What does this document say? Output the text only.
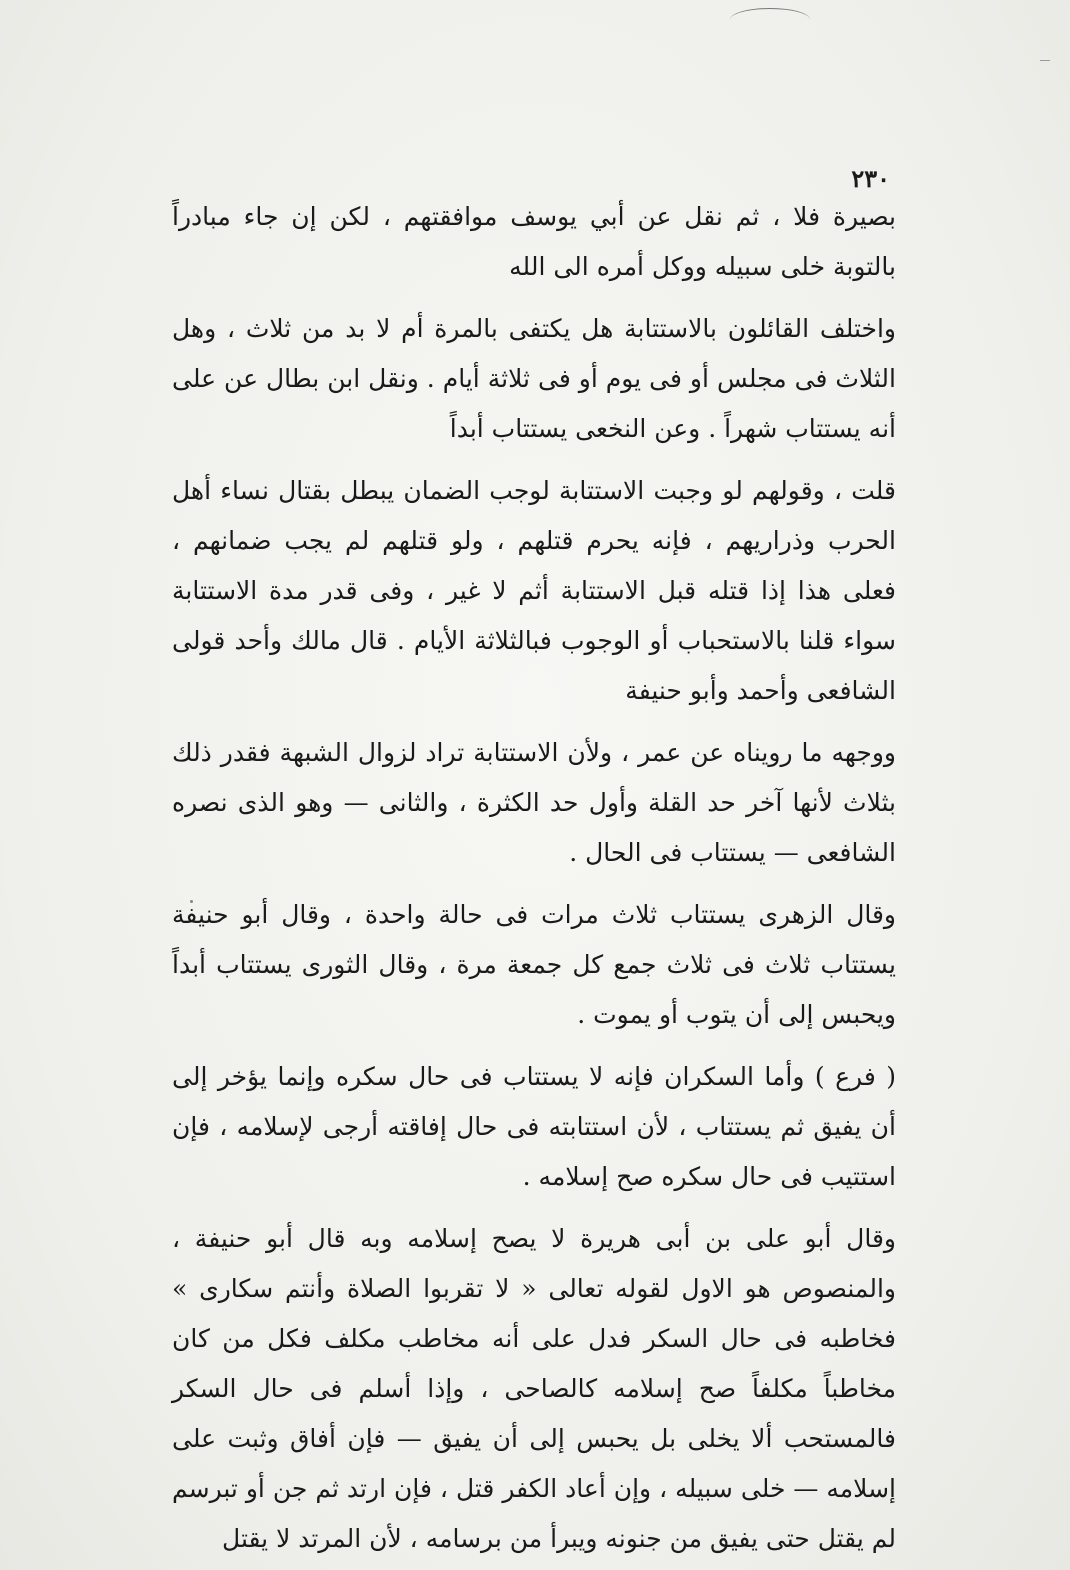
٢٣٠

بصيرة فلا ، ثم نقل عن أبي يوسف موافقتهم ، لكن إن جاء مبادراً بالتوبة خلى سبيله ووكل أمره الى الله

واختلف القائلون بالاستتابة هل يكتفى بالمرة أم لا بد من ثلاث ، وهل الثلاث فى مجلس أو فى يوم أو فى ثلاثة أيام . ونقل ابن بطال عن على أنه يستتاب شهراً . وعن النخعى يستتاب أبداً

قلت ، وقولهم لو وجبت الاستتابة لوجب الضمان يبطل بقتال نساء أهل الحرب وذراريهم ، فإنه يحرم قتلهم ، ولو قتلهم لم يجب ضمانهم ، فعلى هذا إذا قتله قبل الاستتابة أثم لا غير ، وفى قدر مدة الاستتابة سواء قلنا بالاستحباب أو الوجوب فبالثلاثة الأيام . قال مالك وأحد قولى الشافعى وأحمد وأبو حنيفة

ووجهه ما رويناه عن عمر ، ولأن الاستتابة تراد لزوال الشبهة فقدر ذلك بثلاث لأنها آخر حد القلة وأول حد الكثرة ، والثانى — وهو الذى نصره الشافعى — يستتاب فى الحال .

وقال الزهرى يستتاب ثلاث مرات فى حالة واحدة ، وقال أبو حنيفة يستتاب ثلاث فى ثلاث جمع كل جمعة مرة ، وقال الثورى يستتاب أبداً ويحبس إلى أن يتوب أو يموت .

( فرع ) وأما السكران فإنه لا يستتاب فى حال سكره وإنما يؤخر إلى أن يفيق ثم يستتاب ، لأن استتابته فى حال إفاقته أرجى لإسلامه ، فإن استتيب فى حال سكره صح إسلامه .

وقال أبو على بن أبى هريرة لا يصح إسلامه وبه قال أبو حنيفة ، والمنصوص هو الاول لقوله تعالى « لا تقربوا الصلاة وأنتم سكارى » فخاطبه فى حال السكر فدل على أنه مخاطب مكلف فكل من كان مخاطباً مكلفاً صح إسلامه كالصاحى ، وإذا أسلم فى حال السكر فالمستحب ألا يخلى بل يحبس إلى أن يفيق — فإن أفاق وثبت على إسلامه — خلى سبيله ، وإن أعاد الكفر قتل ، فإن ارتد ثم جن أو تبرسم لم يقتل حتى يفيق من جنونه ويبرأ من برسامه ، لأن المرتد لا يقتل
